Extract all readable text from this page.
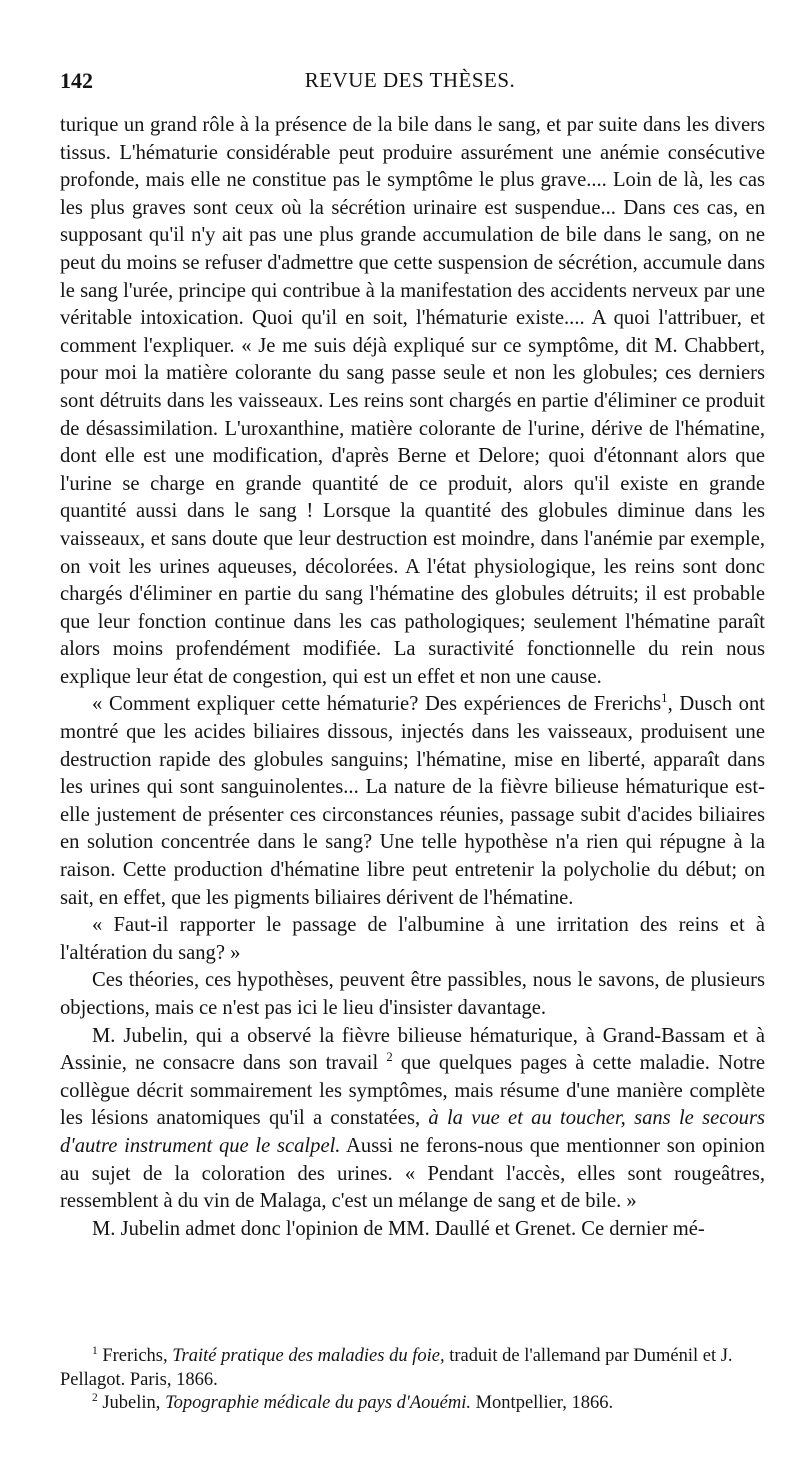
142	REVUE DES THÈSES.

turique un grand rôle à la présence de la bile dans le sang, et par suite dans les divers tissus. L'hématurie considérable peut produire assurément une anémie consécutive profonde, mais elle ne constitue pas le symptôme le plus grave.... Loin de là, les cas les plus graves sont ceux où la sécrétion urinaire est suspendue... Dans ces cas, en supposant qu'il n'y ait pas une plus grande accumulation de bile dans le sang, on ne peut du moins se refuser d'admettre que cette suspension de sécrétion, accumule dans le sang l'urée, principe qui contribue à la manifestation des accidents nerveux par une véritable intoxication. Quoi qu'il en soit, l'hématurie existe.... A quoi l'attribuer, et comment l'expliquer. « Je me suis déjà expliqué sur ce symptôme, dit M. Chabbert, pour moi la matière colorante du sang passe seule et non les globules; ces derniers sont détruits dans les vaisseaux. Les reins sont chargés en partie d'éliminer ce produit de désassimilation. L'uroxanthine, matière colorante de l'urine, dérive de l'hématine, dont elle est une modification, d'après Berne et Delore; quoi d'étonnant alors que l'urine se charge en grande quantité de ce produit, alors qu'il existe en grande quantité aussi dans le sang ! Lorsque la quantité des globules diminue dans les vaisseaux, et sans doute que leur destruction est moindre, dans l'anémie par exemple, on voit les urines aqueuses, décolorées. A l'état physiologique, les reins sont donc chargés d'éliminer en partie du sang l'hématine des globules détruits; il est probable que leur fonction continue dans les cas pathologiques; seulement l'hématine paraît alors moins profendément modifiée. La suractivité fonctionnelle du rein nous explique leur état de congestion, qui est un effet et non une cause.

« Comment expliquer cette hématurie? Des expériences de Frerichs$^1$, Dusch ont montré que les acides biliaires dissous, injectés dans les vaisseaux, produisent une destruction rapide des globules sanguins; l'hématine, mise en liberté, apparaît dans les urines qui sont sanguinolentes... La nature de la fièvre bilieuse hématurique est-elle justement de présenter ces circonstances réunies, passage subit d'acides biliaires en solution concentrée dans le sang? Une telle hypothèse n'a rien qui répugne à la raison. Cette production d'hématine libre peut entretenir la polycholie du début; on sait, en effet, que les pigments biliaires dérivent de l'hématine.

« Faut-il rapporter le passage de l'albumine à une irritation des reins et à l'altération du sang? »

Ces théories, ces hypothèses, peuvent être passibles, nous le savons, de plusieurs objections, mais ce n'est pas ici le lieu d'insister davantage.

M. Jubelin, qui a observé la fièvre bilieuse hématurique, à Grand-Bassam et à Assinie, ne consacre dans son travail $^2$ que quelques pages à cette maladie. Notre collègue décrit sommairement les symptômes, mais résume d'une manière complète les lésions anatomiques qu'il a constatées, à la vue et au toucher, sans le secours d'autre instrument que le scalpel. Aussi ne ferons-nous que mentionner son opinion au sujet de la coloration des urines. « Pendant l'accès, elles sont rougeâtres, ressemblent à du vin de Malaga, c'est un mélange de sang et de bile. »

M. Jubelin admet donc l'opinion de MM. Daullé et Grenet. Ce dernier mé-

$^1$ Frerichs, Traité pratique des maladies du foie, traduit de l'allemand par Duménil et J. Pellagot. Paris, 1866.

$^2$ Jubelin, Topographie médicale du pays d'Aouémi. Montpellier, 1866.
